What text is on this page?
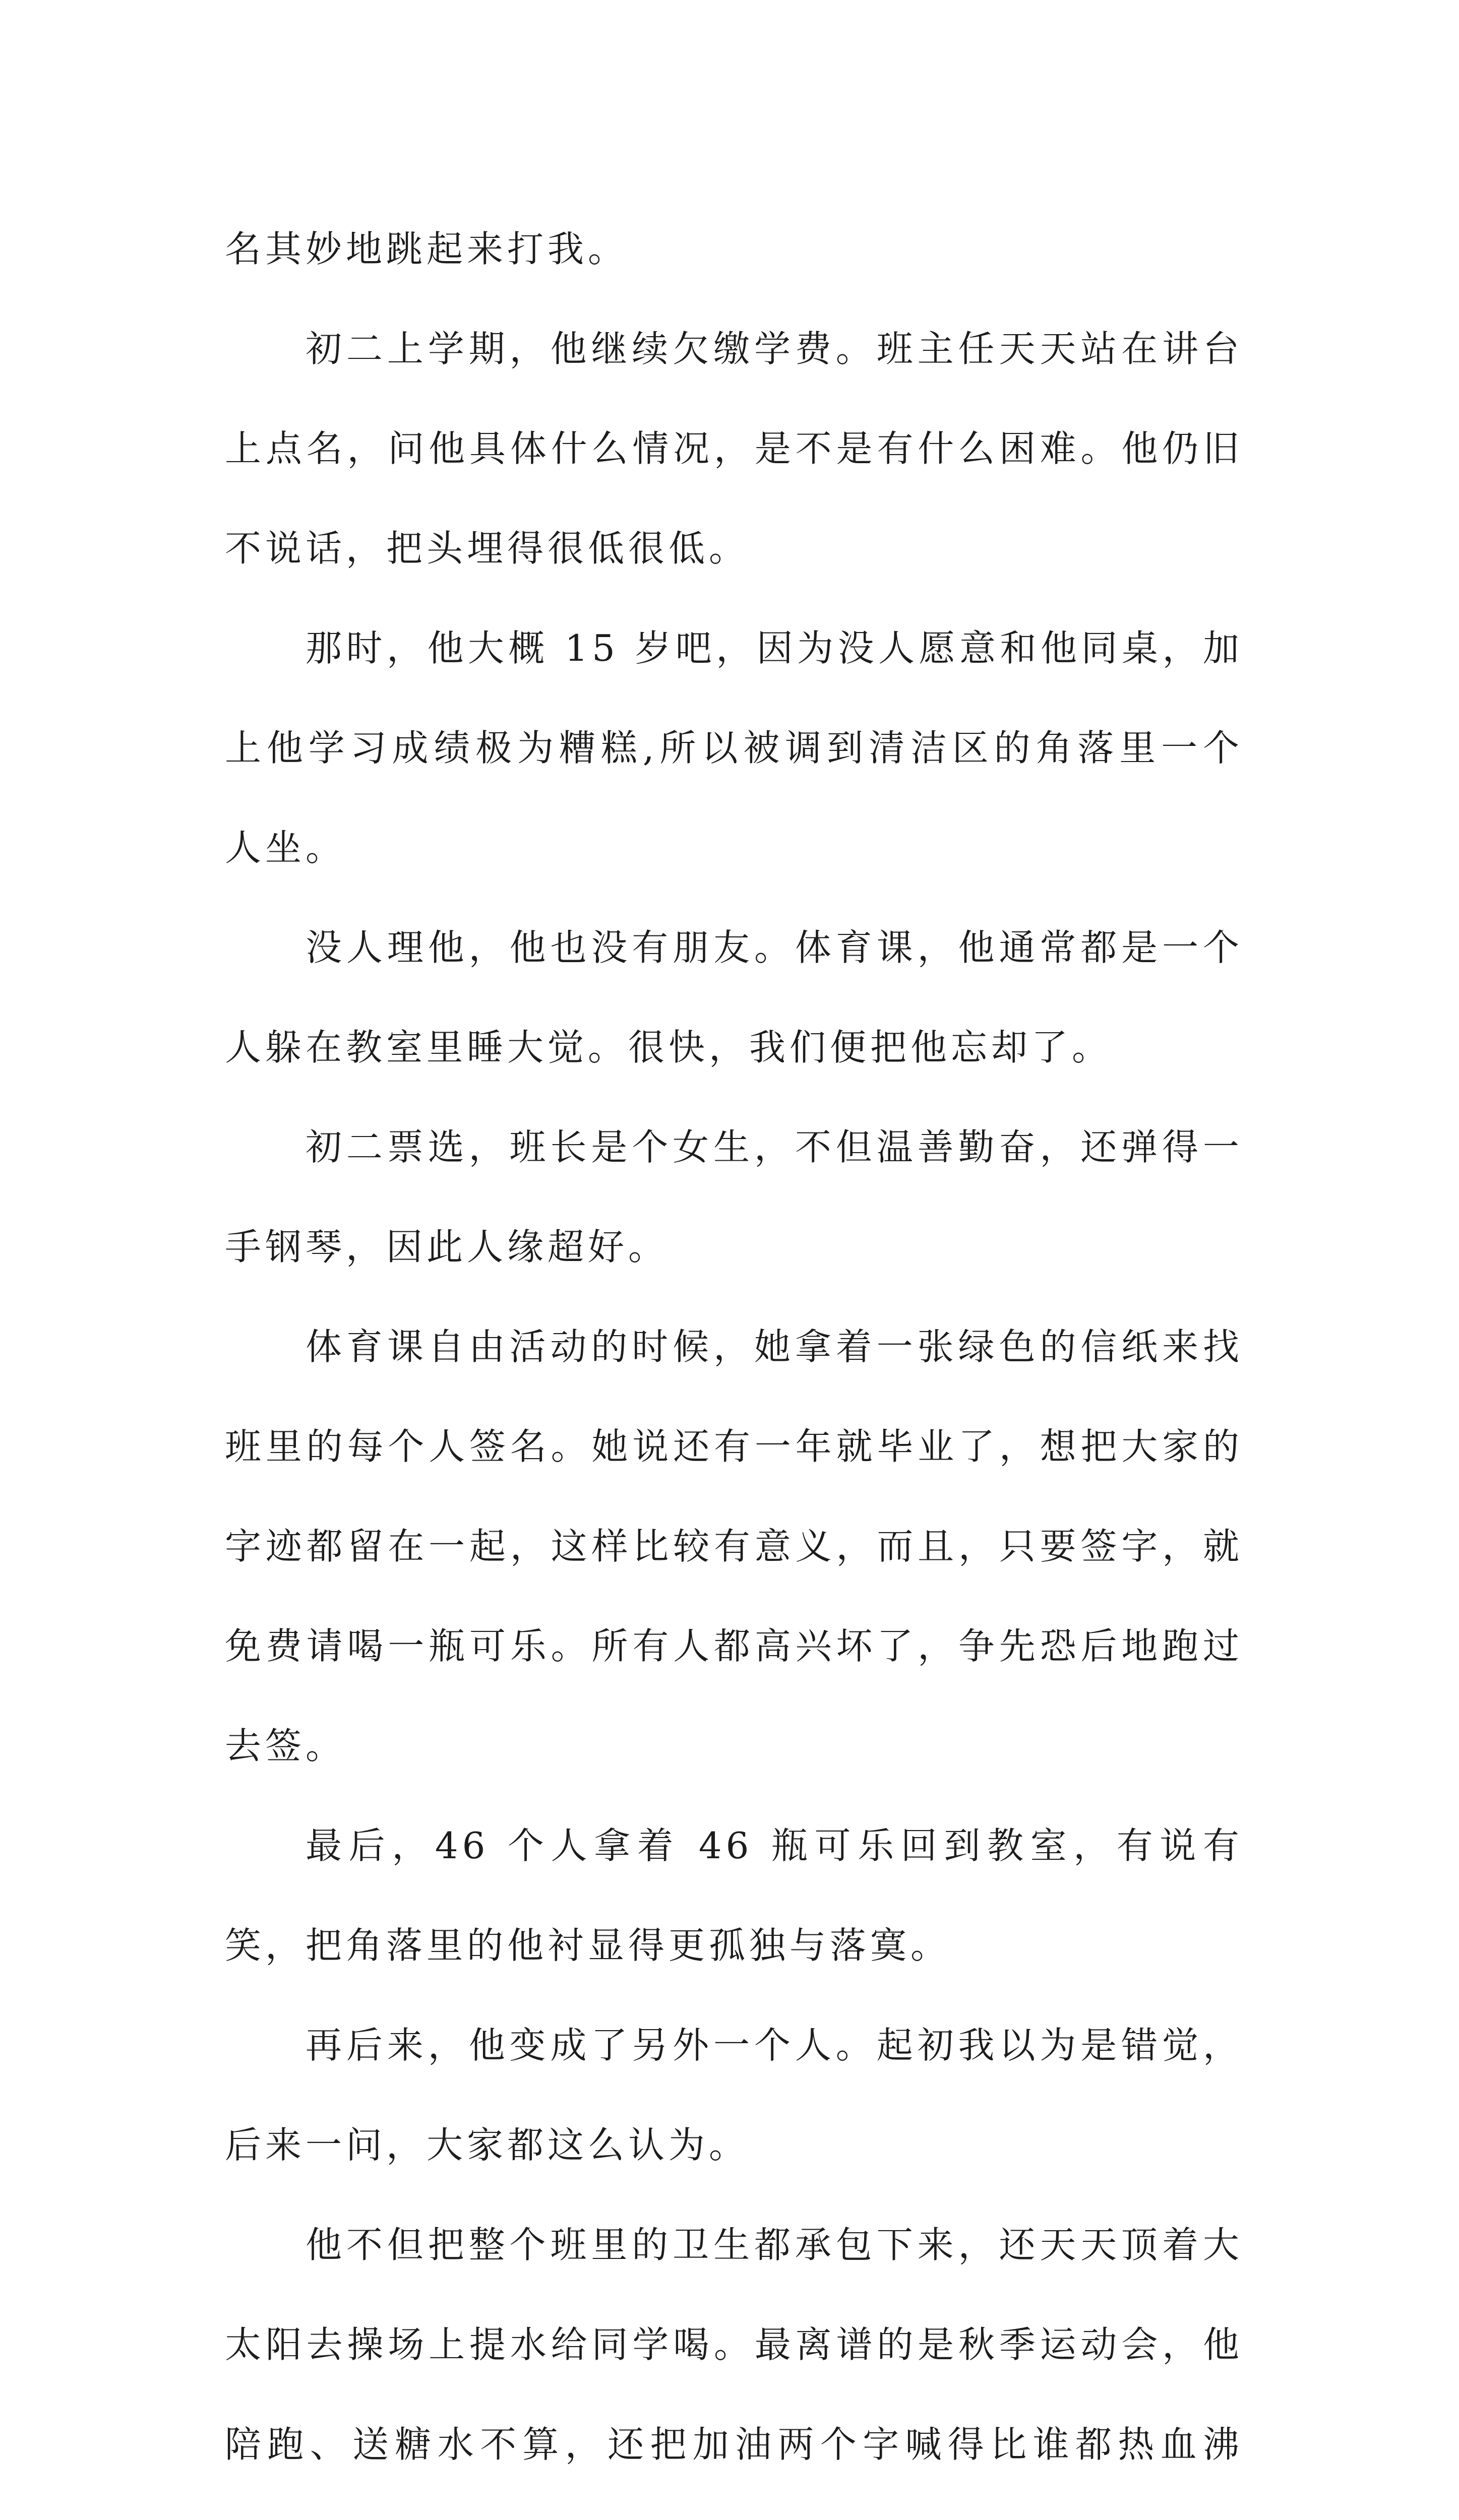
名其妙地跳起来打我。

初二上学期，他继续欠缴学费。班主任天天站在讲台上点名，问他具体什么情况，是不是有什么困难。他仍旧不说话，把头埋得很低很低。

那时，他大概 15 岁吧，因为没人愿意和他同桌，加上他学习成绩极为糟糕,所以被调到清洁区的角落里一个人坐。

没人理他，他也没有朋友。体育课，他通常都是一个人躲在教室里睡大觉。很快，我们便把他忘却了。

初二票选，班长是个女生，不但温善勤奋，还弹得一手钢琴，因此人缘超好。

体育课自由活动的时候，她拿着一张绿色的信纸来找班里的每个人签名。她说还有一年就毕业了，想把大家的字迹都留在一起，这样比较有意义，而且，只要签字，就免费请喝一瓶可乐。所有人都高兴坏了，争先恐后地跑过去签。

最后，46 个人拿着 46 瓶可乐回到教室，有说有笑，把角落里的他衬显得更孤独与落寞。

再后来，他变成了另外一个人。起初我以为是错觉，后来一问，大家都这么认为。

他不但把整个班里的卫生都承包下来，还天天顶着大太阳去操场上提水给同学喝。最离谱的是秋季运动会，他陪跑、送糖水不算，还把加油两个字喊得比谁都热血沸
